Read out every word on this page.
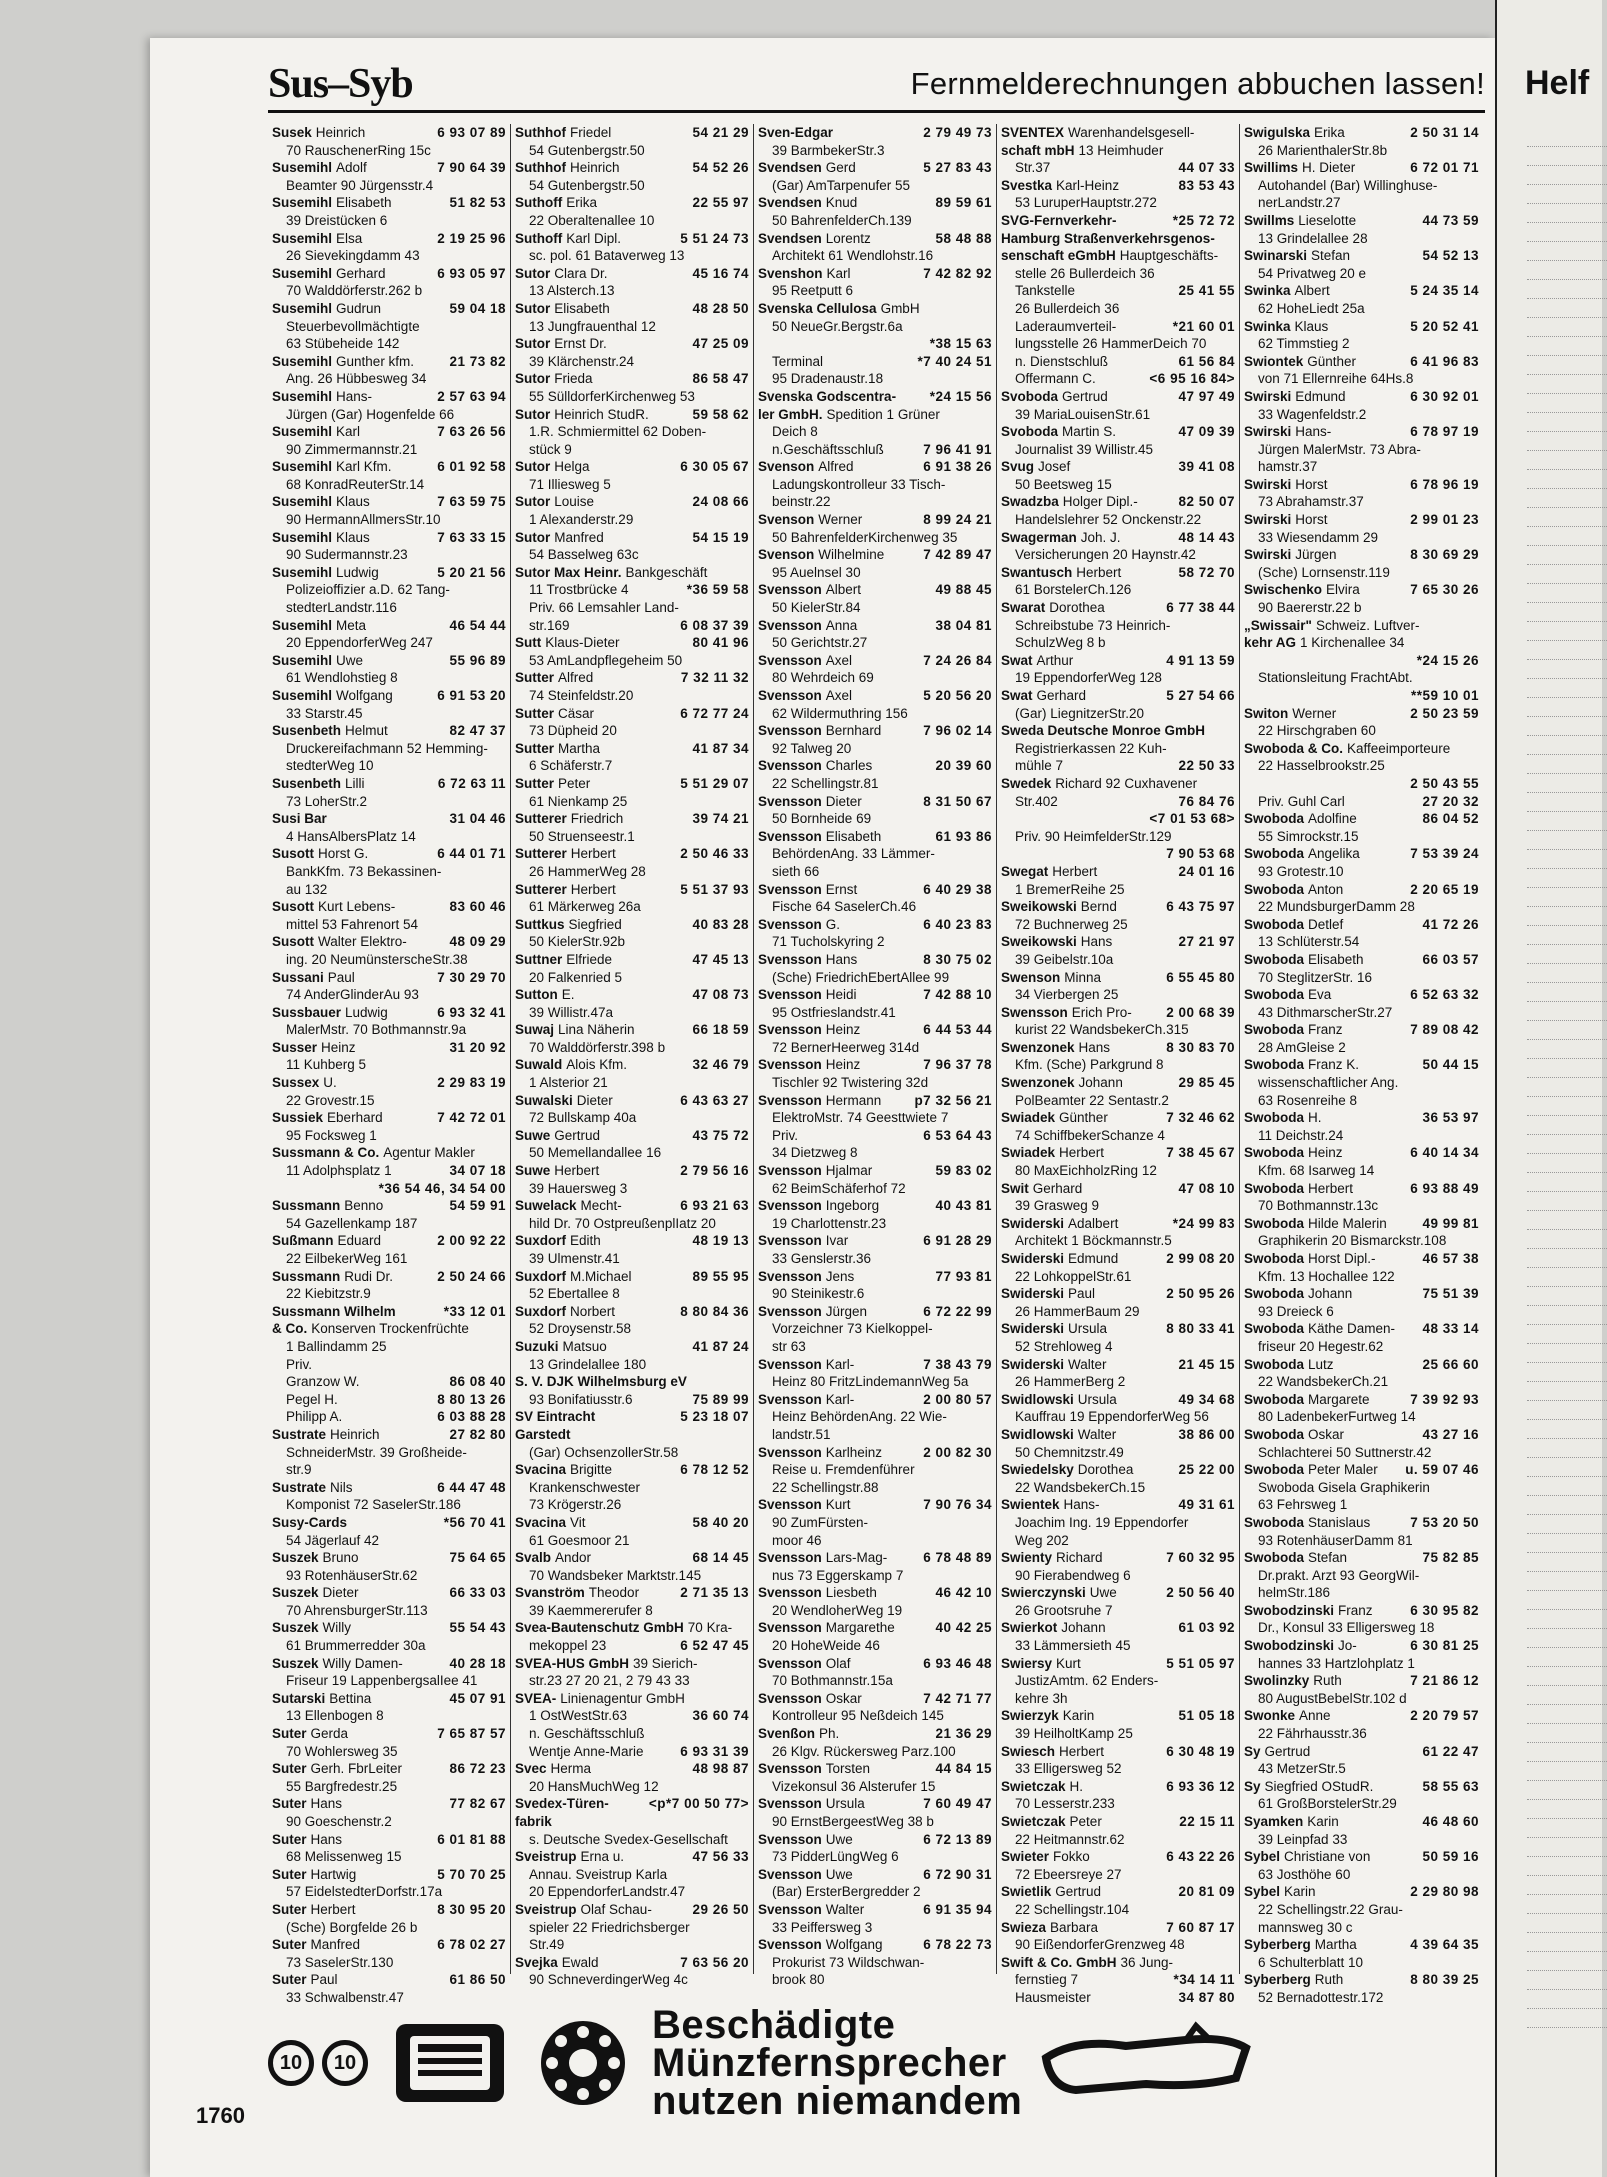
Helf
Sus–Syb	Fernmelderechnungen abbuchen lassen!
Susek Heinrich	6 93 07 89
70 RauschenerRing 15c
Susemihl Adolf	7 90 64 39
Beamter 90 Jürgensstr.4
Susemihl Elisabeth	51 82 53
39 Dreistücken 6
Susemihl Elsa	2 19 25 96
26 Sievekingdamm 43
Susemihl Gerhard	6 93 05 97
70 Walddörferstr.262 b
Susemihl Gudrun	59 04 18
Steuerbevollmächtigte
63 Stübeheide 142
Susemihl Gunther kfm.	21 73 82
Ang. 26 Hübbesweg 34
Susemihl Hans-	2 57 63 94
Jürgen (Gar) Hogenfelde 66
Susemihl Karl	7 63 26 56
90 Zimmermannstr.21
Susemihl Karl Kfm.	6 01 92 58
68 KonradReuterStr.14
Susemihl Klaus	7 63 59 75
90 HermannAllmersStr.10
Susemihl Klaus	7 63 33 15
90 Sudermannstr.23
Susemihl Ludwig	5 20 21 56
Polizeioffizier a.D. 62 Tang-
stedterLandstr.116
Susemihl Meta	46 54 44
20 EppendorferWeg 247
Susemihl Uwe	55 96 89
61 Wendlohstieg 8
Susemihl Wolfgang	6 91 53 20
33 Starstr.45
Susenbeth Helmut	82 47 37
Druckereifachmann 52 Hemming-
stedterWeg 10
Susenbeth Lilli	6 72 63 11
73 LoherStr.2
Susi Bar	31 04 46
4 HansAlbersPlatz 14
Susott Horst G.	6 44 01 71
BankKfm. 73 Bekassinen-
au 132
Susott Kurt Lebens-	83 60 46
mittel 53 Fahrenort 54
Susott Walter Elektro-	48 09 29
ing. 20 NeumünsterscheStr.38
Sussani Paul	7 30 29 70
74 AnderGlinderAu 93
Sussbauer Ludwig	6 93 32 41
MalerMstr. 70 Bothmannstr.9a
Susser Heinz	31 20 92
11 Kuhberg 5
Sussex U.	2 29 83 19
22 Grovestr.15
Sussiek Eberhard	7 42 72 01
95 Focksweg 1
Sussmann & Co. Agentur Makler
11 Adolphsplatz 1	34 07 18
*36 54 46, 34 54 00
Sussmann Benno	54 59 91
54 Gazellenkamp 187
Sußmann Eduard	2 00 92 22
22 EilbekerWeg 161
Sussmann Rudi Dr.	2 50 24 66
22 Kiebitzstr.9
Sussmann Wilhelm	*33 12 01
& Co. Konserven Trockenfrüchte
1 Ballindamm 25
Priv.
Granzow W.	86 08 40
Pegel H.	8 80 13 26
Philipp A.	6 03 88 28
Sustrate Heinrich	27 82 80
SchneiderMstr. 39 Großheide-
str.9
Sustrate Nils	6 44 47 48
Komponist 72 SaselerStr.186
Susy-Cards	*56 70 41
54 Jägerlauf 42
Suszek Bruno	75 64 65
93 RotenhäuserStr.62
Suszek Dieter	66 33 03
70 AhrensburgerStr.113
Suszek Willy	55 54 43
61 Brummerredder 30a
Suszek Willy Damen-	40 28 18
Friseur 19 LappenbergsalIee 41
Sutarski Bettina	45 07 91
13 Ellenbogen 8
Suter Gerda	7 65 87 57
70 Wohlersweg 35
Suter Gerh. FbrLeiter	86 72 23
55 Bargfredestr.25
Suter Hans	77 82 67
90 Goeschenstr.2
Suter Hans	6 01 81 88
68 Melissenweg 15
Suter Hartwig	5 70 70 25
57 EidelstedterDorfstr.17a
Suter Herbert	8 30 95 20
(Sche) Borgfelde 26 b
Suter Manfred	6 78 02 27
73 SaselerStr.130
Suter Paul	61 86 50
33 Schwalbenstr.47
Suthhof Friedel	54 21 29
54 Gutenbergstr.50
Suthhof Heinrich	54 52 26
54 Gutenbergstr.50
Suthoff Erika	22 55 97
22 Oberaltenallee 10
Suthoff Karl Dipl.	5 51 24 73
sc. pol. 61 Bataverweg 13
Sutor Clara Dr.	45 16 74
13 Alsterch.13
Sutor Elisabeth	48 28 50
13 Jungfrauenthal 12
Sutor Ernst Dr.	47 25 09
39 Klärchenstr.24
Sutor Frieda	86 58 47
55 SülldorferKirchenweg 53
Sutor Heinrich StudR.	59 58 62
1.R. Schmiermittel 62 Doben-
stück 9
Sutor Helga	6 30 05 67
71 Illiesweg 5
Sutor Louise	24 08 66
1 Alexanderstr.29
Sutor Manfred	54 15 19
54 Basselweg 63c
Sutor Max Heinr. Bankgeschäft
11 Trostbrücke 4	*36 59 58
Priv. 66 Lemsahler Land-
str.169	6 08 37 39
Sutt Klaus-Dieter	80 41 96
53 AmLandpflegeheim 50
Sutter Alfred	7 32 11 32
74 Steinfeldstr.20
Sutter Cäsar	6 72 77 24
73 Düpheid 20
Sutter Martha	41 87 34
6 Schäferstr.7
Sutter Peter	5 51 29 07
61 Nienkamp 25
Sutterer Friedrich	39 74 21
50 Struenseestr.1
Sutterer Herbert	2 50 46 33
26 HammerWeg 28
Sutterer Herbert	5 51 37 93
61 Märkerweg 26a
Suttkus Siegfried	40 83 28
50 KielerStr.92b
Suttner Elfriede	47 45 13
20 Falkenried 5
Sutton E.	47 08 73
39 Willistr.47a
Suwaj Lina Näherin	66 18 59
70 Walddörferstr.398 b
Suwald Alois Kfm.	32 46 79
1 Alsterior 21
Suwalski Dieter	6 43 63 27
72 Bullskamp 40a
Suwe Gertrud	43 75 72
50 Memellandallee 16
Suwe Herbert	2 79 56 16
39 Hauersweg 3
Suwelack Mecht-	6 93 21 63
hild Dr. 70 OstpreußenplIatz 20
Suxdorf Edith	48 19 13
39 Ulmenstr.41
Suxdorf M.Michael	89 55 95
52 Ebertallee 8
Suxdorf Norbert	8 80 84 36
52 Droysenstr.58
Suzuki Matsuo	41 87 24
13 Grindelallee 180
S. V. DJK Wilhelmsburg eV
93 Bonifatiusstr.6	75 89 99
SV Eintracht	5 23 18 07
Garstedt
(Gar) OchsenzollerStr.58
Svacina Brigitte	6 78 12 52
Krankenschwester
73 Krögerstr.26
Svacina Vit	58 40 20
61 Goesmoor 21
Svalb Andor	68 14 45
70 Wandsbeker Marktstr.145
Svanström Theodor	2 71 35 13
39 Kaemmererufer 8
Svea-Bautenschutz GmbH 70 Kra-
mekoppel 23	6 52 47 45
SVEA-HUS GmbH 39 Sierich-
str.23 27 20 21, 2 79 43 33
SVEA- Linienagentur GmbH
1 OstWestStr.63	36 60 74
n. Geschäftsschluß
Wentje Anne-Marie	6 93 31 39
Svec Herma	48 98 87
20 HansMuchWeg 12
Svedex-Türen-	<p*7 00 50 77>
fabrik
s. Deutsche Svedex-Gesellschaft
Sveistrup Erna u.	47 56 33
Annau. Sveistrup Karla
20 EppendorferLandstr.47
Sveistrup Olaf Schau-	29 26 50
spieler 22 Friedrichsberger
Str.49
Svejka Ewald	7 63 56 20
90 SchneverdingerWeg 4c
Sven-Edgar	2 79 49 73
39 BarmbekerStr.3
Svendsen Gerd	5 27 83 43
(Gar) AmTarpenufer 55
Svendsen Knud	89 59 61
50 BahrenfelderCh.139
Svendsen Lorentz	58 48 88
Architekt 61 Wendlohstr.16
Svenshon Karl	7 42 82 92
95 Reetputt 6
Svenska Cellulosa GmbH
50 NeueGr.Bergstr.6a
*38 15 63
Terminal	*7 40 24 51
95 Dradenaustr.18
Svenska Godscentra- *24 15 56
ler GmbH. Spedition 1 Grüner
Deich 8
n.Geschäftsschluß	7 96 41 91
Svenson Alfred	6 91 38 26
Ladungskontrolleur 33 Tisch-
beinstr.22
Svenson Werner	8 99 24 21
50 BahrenfelderKirchenweg 35
Svenson Wilhelmine	7 42 89 47
95 Auelnsel 30
Svensson Albert	49 88 45
50 KielerStr.84
Svensson Anna	38 04 81
50 Gerichtstr.27
Svensson Axel	7 24 26 84
80 Wehrdeich 69
Svensson Axel	5 20 56 20
62 Wildermuthring 156
Svensson Bernhard	7 96 02 14
92 Talweg 20
Svensson Charles	20 39 60
22 Schellingstr.81
Svensson Dieter	8 31 50 67
50 Bornheide 69
Svensson Elisabeth	61 93 86
BehördenAng. 33 Lämmer-
sieth 66
Svensson Ernst	6 40 29 38
Fische 64 SaselerCh.46
Svensson G.	6 40 23 83
71 Tucholskyring 2
Svensson Hans	8 30 75 02
(Sche) FriedrichEbertAllee 99
Svensson Heidi	7 42 88 10
95 Ostfrieslandstr.41
Svensson Heinz	6 44 53 44
72 BernerHeerweg 314d
Svensson Heinz	7 96 37 78
Tischler 92 Twistering 32d
Svensson Hermann	p7 32 56 21
ElektroMstr. 74 Geesttwiete 7
Priv.	6 53 64 43
34 Dietzweg 8
Svensson Hjalmar	59 83 02
62 BeimSchäferhof 72
Svensson Ingeborg	40 43 81
19 Charlottenstr.23
Svensson Ivar	6 91 28 29
33 Genslerstr.36
Svensson Jens	77 93 81
90 Steinikestr.6
Svensson Jürgen	6 72 22 99
Vorzeichner 73 Kielkoppel-
str 63
Svensson Karl-	7 38 43 79
Heinz 80 FritzLindemannWeg 5a
Svensson Karl-	2 00 80 57
Heinz BehördenAng. 22 Wie-
landstr.51
Svensson Karlheinz	2 00 82 30
Reise u. Fremdenführer
22 Schellingstr.88
Svensson Kurt	7 90 76 34
90 ZumFürsten-
moor 46
Svensson Lars-Mag-	6 78 48 89
nus 73 Eggerskamp 7
Svensson Liesbeth	46 42 10
20 WendloherWeg 19
Svensson Margarethe	40 42 25
20 HoheWeide 46
Svensson Olaf	6 93 46 48
70 Bothmannstr.15a
Svensson Oskar	7 42 71 77
Kontrolleur 95 Neßdeich 145
Svenßon Ph.	21 36 29
26 Klgv. Rückersweg Parz.100
Svensson Torsten	44 84 15
Vizekonsul 36 Alsterufer 15
Svensson Ursula	7 60 49 47
90 ErnstBergeestWeg 38 b
Svensson Uwe	6 72 13 89
73 PidderLüngWeg 6
Svensson Uwe	6 72 90 31
(Bar) ErsterBergredder 2
Svensson Walter	6 91 35 94
33 Peiffersweg 3
Svensson Wolfgang	6 78 22 73
Prokurist 73 Wildschwan-
brook 80
SVENTEX Warenhandelsgesell-
schaft mbH 13 Heimhuder
Str.37	44 07 33
Svestka Karl-Heinz	83 53 43
53 LuruperHauptstr.272
SVG-Fernverkehr-	*25 72 72
Hamburg Straßenverkehrsgenos-
senschaft eGmbH Hauptgeschäfts-
stelle 26 Bullerdeich 36
Tankstelle	25 41 55
26 Bullerdeich 36
Laderaumverteil-	*21 60 01
lungsstelle 26 HammerDeich 70
n. Dienstschluß	61 56 84
Offermann C.	<6 95 16 84>
Svoboda Gertrud	47 97 49
39 MariaLouisenStr.61
Svoboda Martin S.	47 09 39
Journalist 39 Willistr.45
Svug Josef	39 41 08
50 Beetsweg 15
Swadzba Holger Dipl.-	82 50 07
Handelslehrer 52 Onckenstr.22
Swagerman Joh. J.	48 14 43
Versicherungen 20 Haynstr.42
Swantusch Herbert	58 72 70
61 BorstelerCh.126
Swarat Dorothea	6 77 38 44
Schreibstube 73 Heinrich-
SchulzWeg 8 b
Swat Arthur	4 91 13 59
19 EppendorferWeg 128
Swat Gerhard	5 27 54 66
(Gar) LiegnitzerStr.20
Sweda Deutsche Monroe GmbH
Registrierkassen 22 Kuh-
mühle 7	22 50 33
Swedek Richard 92 Cuxhavener
Str.402	76 84 76
<7 01 53 68>
Priv. 90 HeimfelderStr.129
7 90 53 68
Swegat Herbert	24 01 16
1 BremerReihe 25
Sweikowski Bernd	6 43 75 97
72 Buchnerweg 25
Sweikowski Hans	27 21 97
39 Geibelstr.10a
Swenson Minna	6 55 45 80
34 Vierbergen 25
Swensson Erich Pro-	2 00 68 39
kurist 22 WandsbekerCh.315
Swenzonek Hans	8 30 83 70
Kfm. (Sche) Parkgrund 8
Swenzonek Johann	29 85 45
PolBeamter 22 Sentastr.2
Swiadek Günther	7 32 46 62
74 SchiffbekerSchanze 4
Swiadek Herbert	7 38 45 67
80 MaxEichholzRing 12
Swit Gerhard	47 08 10
39 Grasweg 9
Swiderski Adalbert	*24 99 83
Architekt 1 Böckmannstr.5
Swiderski Edmund	2 99 08 20
22 LohkoppelStr.61
Swiderski Paul	2 50 95 26
26 HammerBaum 29
Swiderski Ursula	8 80 33 41
52 Strehloweg 4
Swiderski Walter	21 45 15
26 HammerBerg 2
Swidlowski Ursula	49 34 68
Kauffrau 19 EppendorferWeg 56
Swidlowski Walter	38 86 00
50 Chemnitzstr.49
Swiedelsky Dorothea	25 22 00
22 WandsbekerCh.15
Swientek Hans-	49 31 61
Joachim Ing. 19 Eppendorfer
Weg 202
Swienty Richard	7 60 32 95
90 Fierabendweg 6
Swierczynski Uwe	2 50 56 40
26 Grootsruhe 7
Swierkot Johann	61 03 92
33 Lämmersieth 45
Swiersy Kurt	5 51 05 97
JustizAmtm. 62 Enders-
kehre 3h
Swierzyk Karin	51 05 18
39 HeilholtKamp 25
Swiesch Herbert	6 30 48 19
33 Elligersweg 52
Swietczak H.	6 93 36 12
70 Lesserstr.233
Swietczak Peter	22 15 11
22 Heitmannstr.62
Swieter Fokko	6 43 22 26
72 Ebeersreye 27
Swietlik Gertrud	20 81 09
22 Schellingstr.104
Swieza Barbara	7 60 87 17
90 EißendorferGrenzweg 48
Swift & Co. GmbH 36 Jung-
fernstieg 7	*34 14 11
Hausmeister	34 87 80
Swigulska Erika	2 50 31 14
26 MarienthalerStr.8b
Swillims H. Dieter	6 72 01 71
Autohandel (Bar) Willinghuse-
nerLandstr.27
Swillms Lieselotte	44 73 59
13 Grindelallee 28
Swinarski Stefan	54 52 13
54 Privatweg 20 e
Swinka Albert	5 24 35 14
62 HoheLiedt 25a
Swinka Klaus	5 20 52 41
62 Timmstieg 2
Swiontek Günther	6 41 96 83
von 71 Ellernreihe 64Hs.8
Swirski Edmund	6 30 92 01
33 Wagenfeldstr.2
Swirski Hans-	6 78 97 19
Jürgen MalerMstr. 73 Abra-
hamstr.37
Swirski Horst	6 78 96 19
73 Abrahamstr.37
Swirski Horst	2 99 01 23
33 Wiesendamm 29
Swirski Jürgen	8 30 69 29
(Sche) Lornsenstr.119
Swischenko Elvira	7 65 30 26
90 Baererstr.22 b
„Swissair" Schweiz. Luftver-
kehr AG 1 Kirchenallee 34
*24 15 26
Stationsleitung FrachtAbt.
**59 10 01
Switon Werner	2 50 23 59
22 Hirschgraben 60
Swoboda & Co. Kaffeeimporteure
22 Hasselbrookstr.25
2 50 43 55
Priv. Guhl Carl	27 20 32
Swoboda Adolfine	86 04 52
55 Simrockstr.15
Swoboda Angelika	7 53 39 24
93 Grotestr.10
Swoboda Anton	2 20 65 19
22 MundsburgerDamm 28
Swoboda Detlef	41 72 26
13 Schlüterstr.54
Swoboda Elisabeth	66 03 57
70 SteglitzerStr. 16
Swoboda Eva	6 52 63 32
43 DithmarscherStr.27
Swoboda Franz	7 89 08 42
28 AmGleise 2
Swoboda Franz K.	50 44 15
wissenschaftlicher Ang.
63 Rosenreihe 8
Swoboda H.	36 53 97
11 Deichstr.24
Swoboda Heinz	6 40 14 34
Kfm. 68 Isarweg 14
Swoboda Herbert	6 93 88 49
70 Bothmannstr.13c
Swoboda Hilde Malerin	49 99 81
Graphikerin 20 Bismarckstr.108
Swoboda Horst Dipl.-	46 57 38
Kfm. 13 Hochallee 122
Swoboda Johann	75 51 39
93 Dreieck 6
Swoboda Käthe Damen-	48 33 14
friseur 20 Hegestr.62
Swoboda Lutz	25 66 60
22 WandsbekerCh.21
Swoboda Margarete	7 39 92 93
80 LadenbekerFurtweg 14
Swoboda Oskar	43 27 16
Schlachterei 50 Suttnerstr.42
Swoboda Peter Maler	u. 59 07 46
Swoboda Gisela Graphikerin
63 Fehrsweg 1
Swoboda Stanislaus	7 53 20 50
93 RotenhäuserDamm 81
Swoboda Stefan	75 82 85
Dr.prakt. Arzt 93 GeorgWil-
helmStr.186
Swobodzinski Franz	6 30 95 82
Dr., Konsul 33 Elligersweg 18
Swobodzinski Jo-	6 30 81 25
hannes 33 Hartzlohplatz 1
Swolinzky Ruth	7 21 86 12
80 AugustBebelStr.102 d
Swonke Anne	2 20 79 57
22 Fährhausstr.36
Sy Gertrud	61 22 47
43 MetzerStr.5
Sy Siegfried OStudR.	58 55 63
61 GroßBorstelerStr.29
Syamken Karin	46 48 60
39 Leinpfad 33
Sybel Christiane von	50 59 16
63 Josthöhe 60
Sybel Karin	2 29 80 98
22 Schellingstr.22 Grau-
mannsweg 30 c
Syberberg Martha	4 39 64 35
6 Schulterblatt 10
Syberberg Ruth	8 80 39 25
52 Bernadottestr.172
10	10
Beschädigte
Münzfernsprecher
nutzen niemandem
1760
